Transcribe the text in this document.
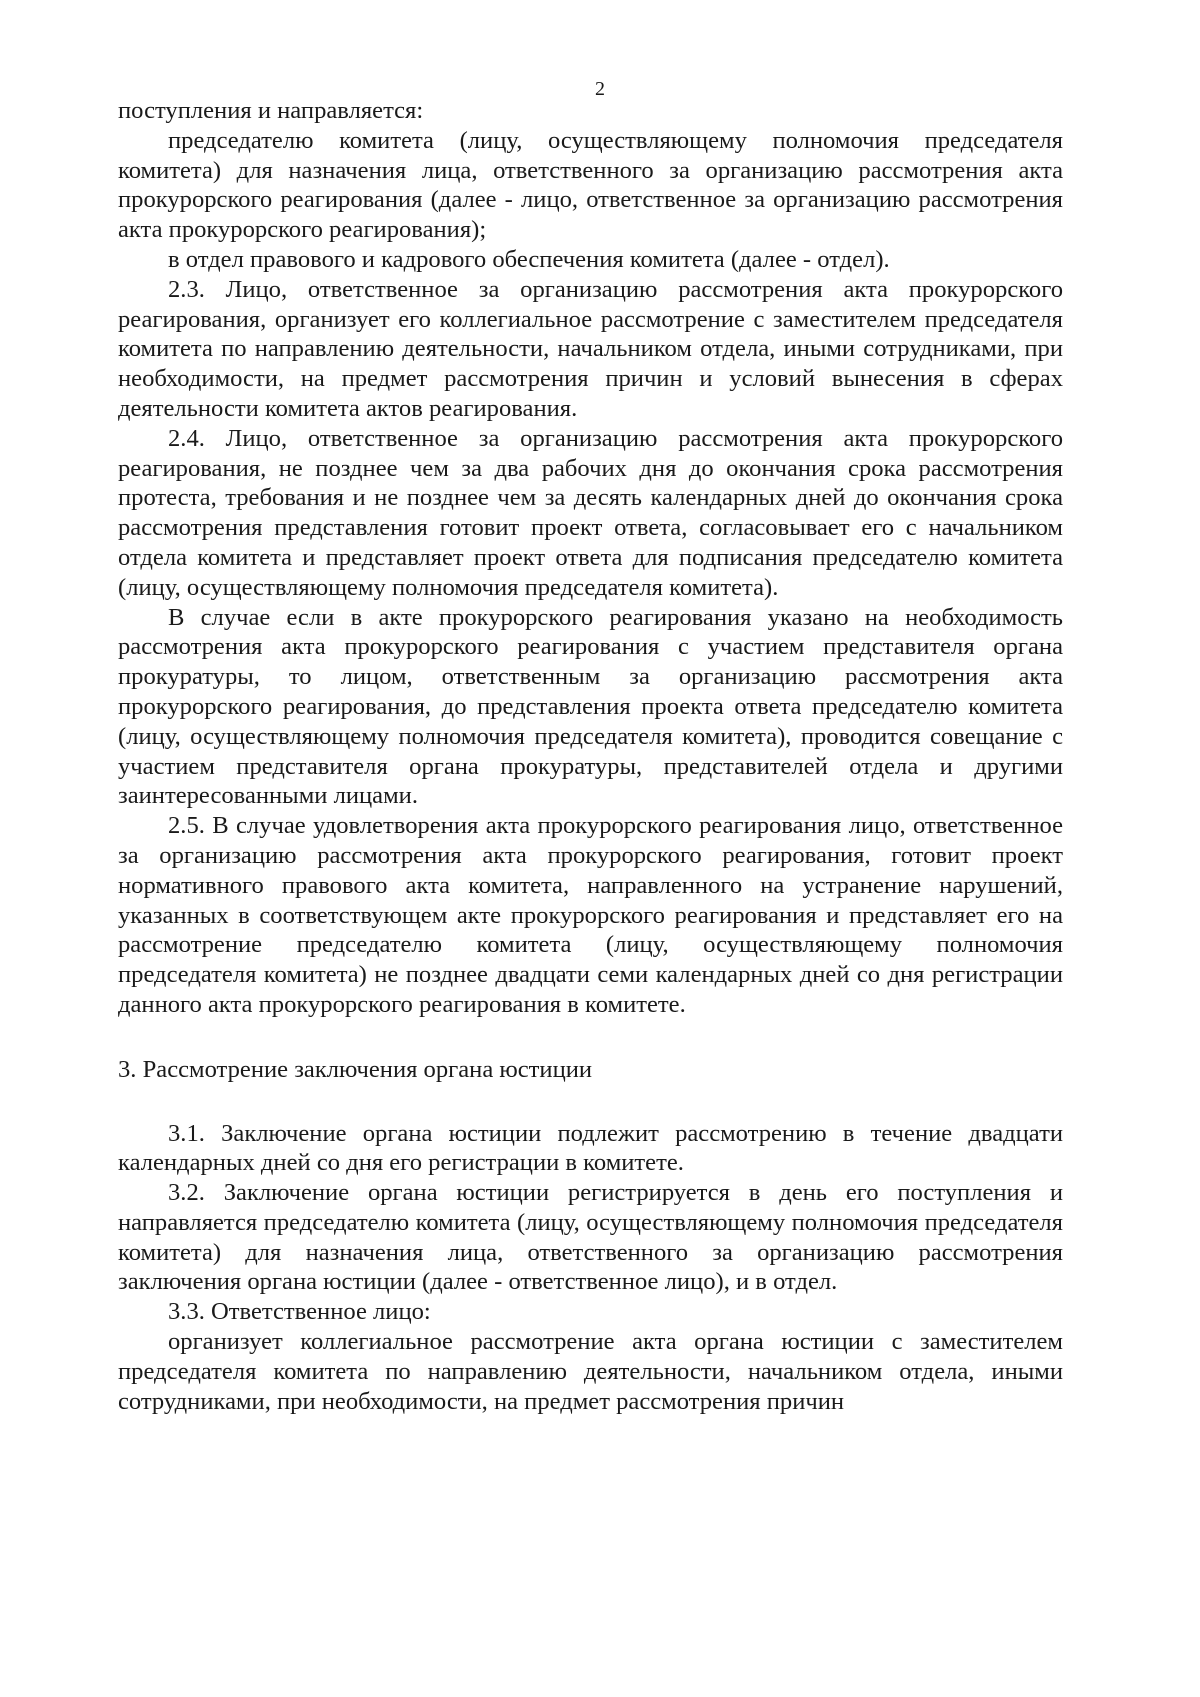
2

поступления и направляется:

председателю комитета (лицу, осуществляющему полномочия председателя комитета) для назначения лица, ответственного за организацию рассмотрения акта прокурорского реагирования (далее - лицо, ответственное за организацию рассмотрения акта прокурорского реагирования);

в отдел правового и кадрового обеспечения комитета (далее - отдел).

2.3. Лицо, ответственное за организацию рассмотрения акта прокурорского реагирования, организует его коллегиальное рассмотрение с заместителем председателя комитета по направлению деятельности, начальником отдела, иными сотрудниками, при необходимости, на предмет рассмотрения причин и условий вынесения в сферах деятельности комитета актов реагирования.

2.4. Лицо, ответственное за организацию рассмотрения акта прокурорского реагирования, не позднее чем за два рабочих дня до окончания срока рассмотрения протеста, требования и не позднее чем за десять календарных дней до окончания срока рассмотрения представления готовит проект ответа, согласовывает его с начальником отдела комитета и представляет проект ответа для подписания председателю комитета (лицу, осуществляющему полномочия председателя комитета).

В случае если в акте прокурорского реагирования указано на необходимость рассмотрения акта прокурорского реагирования с участием представителя органа прокуратуры, то лицом, ответственным за организацию рассмотрения акта прокурорского реагирования, до представления проекта ответа председателю комитета (лицу, осуществляющему полномочия председателя комитета), проводится совещание с участием представителя органа прокуратуры, представителей отдела и другими заинтересованными лицами.

2.5. В случае удовлетворения акта прокурорского реагирования лицо, ответственное за организацию рассмотрения акта прокурорского реагирования, готовит проект нормативного правового акта комитета, направленного на устранение нарушений, указанных в соответствующем акте прокурорского реагирования и представляет его на рассмотрение председателю комитета (лицу, осуществляющему полномочия председателя комитета) не позднее двадцати семи календарных дней со дня регистрации данного акта прокурорского реагирования в комитете.

3. Рассмотрение заключения органа юстиции

3.1. Заключение органа юстиции подлежит рассмотрению в течение двадцати календарных дней со дня его регистрации в комитете.

3.2. Заключение органа юстиции регистрируется в день его поступления и направляется председателю комитета (лицу, осуществляющему полномочия председателя комитета) для назначения лица, ответственного за организацию рассмотрения заключения органа юстиции (далее - ответственное лицо), и в отдел.

3.3. Ответственное лицо:

организует коллегиальное рассмотрение акта органа юстиции с заместителем председателя комитета по направлению деятельности, начальником отдела, иными сотрудниками, при необходимости, на предмет рассмотрения причин
